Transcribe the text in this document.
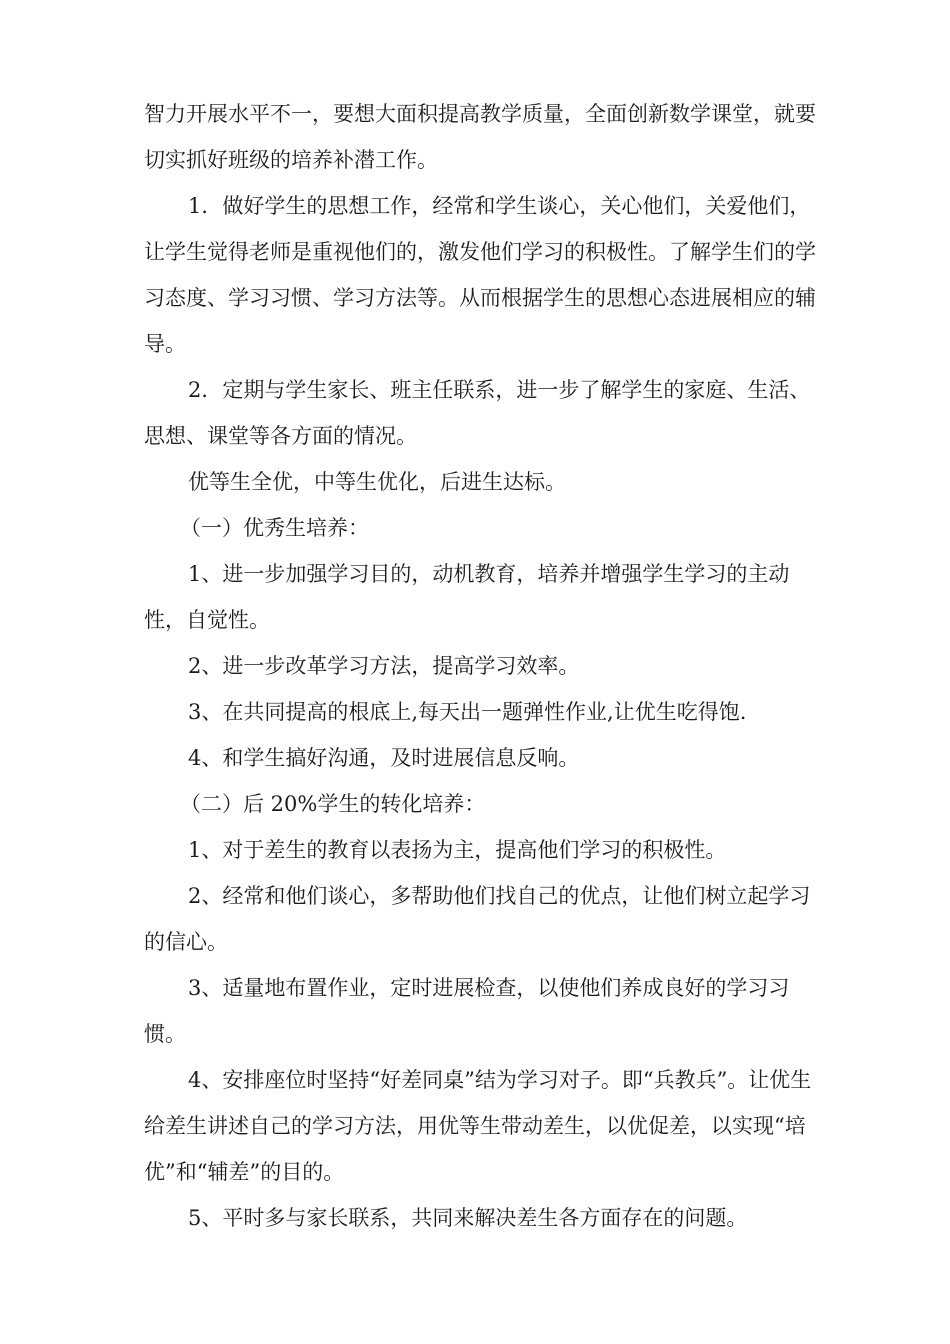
智力开展水平不一，要想大面积提高教学质量，全面创新数学课堂，就要切实抓好班级的培养补潜工作。

1．做好学生的思想工作，经常和学生谈心，关心他们，关爱他们，让学生觉得老师是重视他们的，激发他们学习的积极性。了解学生们的学习态度、学习习惯、学习方法等。从而根据学生的思想心态进展相应的辅导。

2．定期与学生家长、班主任联系，进一步了解学生的家庭、生活、思想、课堂等各方面的情况。

优等生全优，中等生优化，后进生达标。

（一）优秀生培养：

1、进一步加强学习目的，动机教育，培养并增强学生学习的主动性，自觉性。

2、进一步改革学习方法，提高学习效率。

3、在共同提高的根底上,每天出一题弹性作业,让优生吃得饱.

4、和学生搞好沟通，及时进展信息反响。

（二）后 20%学生的转化培养：

1、对于差生的教育以表扬为主，提高他们学习的积极性。

2、经常和他们谈心，多帮助他们找自己的优点，让他们树立起学习的信心。

3、适量地布置作业，定时进展检查，以使他们养成良好的学习习惯。

4、安排座位时坚持“好差同桌”结为学习对子。即“兵教兵”。让优生给差生讲述自己的学习方法，用优等生带动差生，以优促差，以实现“培优”和“辅差”的目的。

5、平时多与家长联系，共同来解决差生各方面存在的问题。
